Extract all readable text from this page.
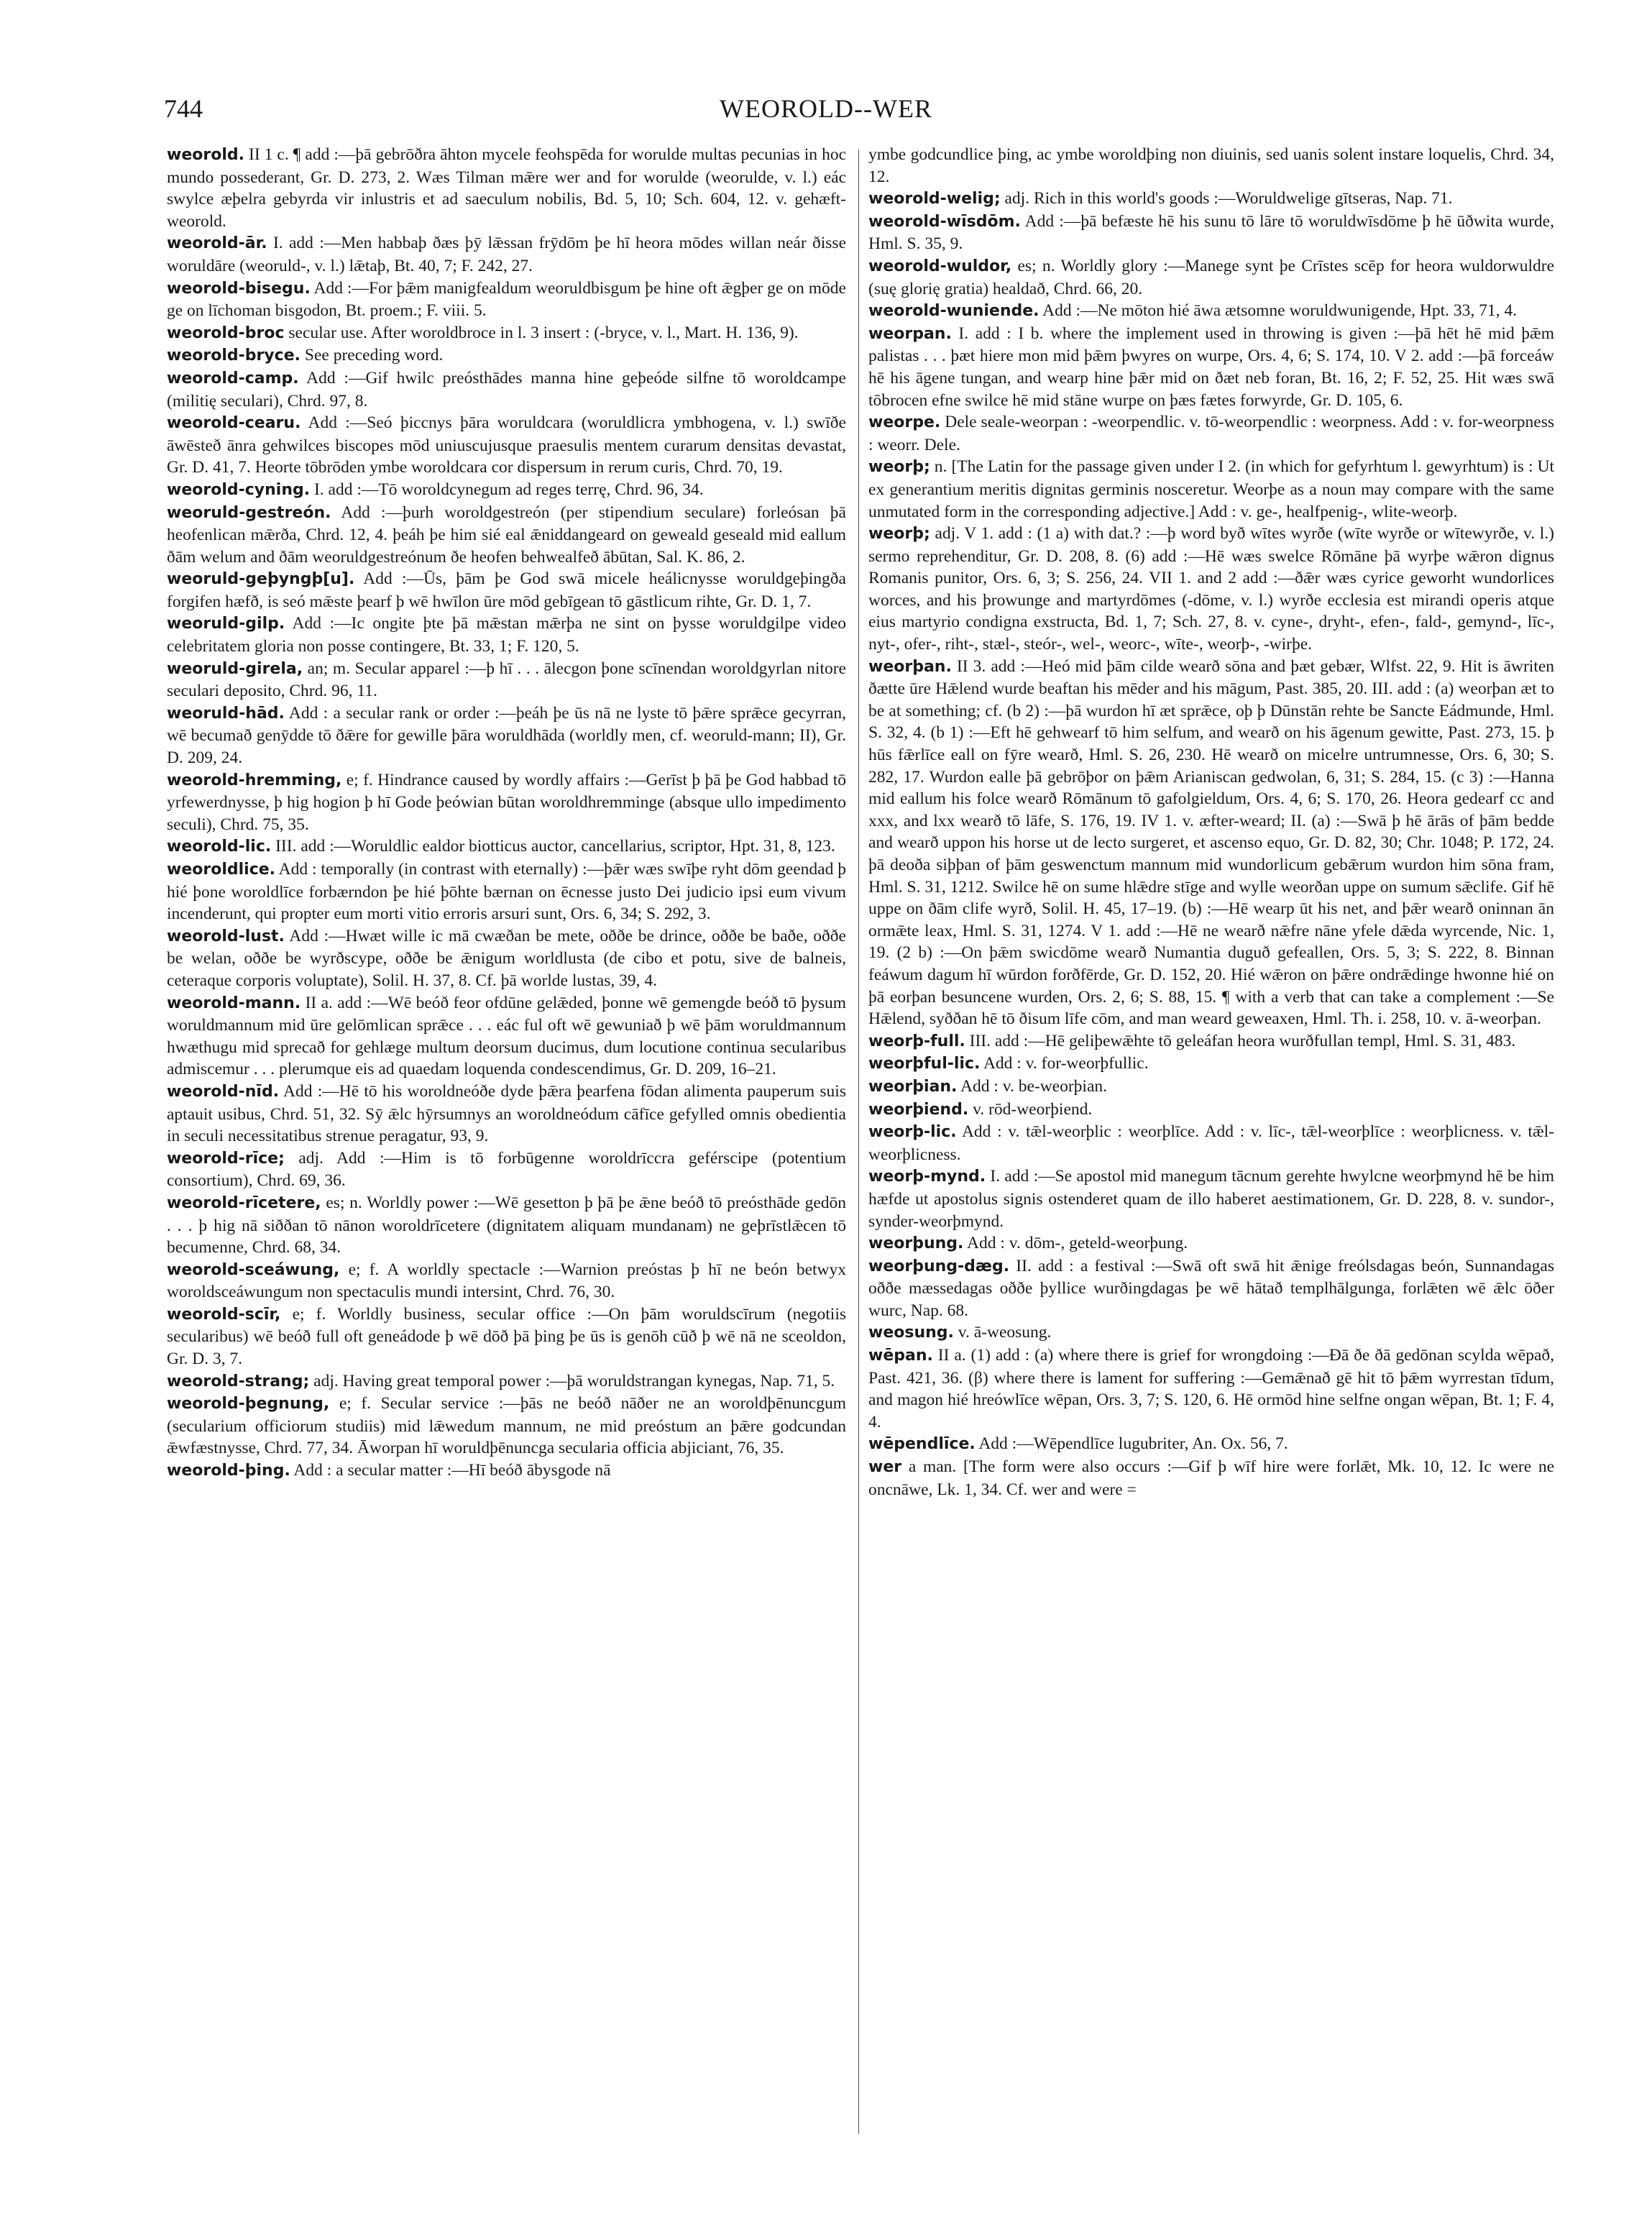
744	WEOROLD--WER

weorold. II 1 c. ¶ add :—þā gebrōðra āhton mycele feohspēda for worulde multas pecunias in hoc mundo possederant, Gr. D. 273, 2. Wæs Tilman mǣre wer and for worulde (weorulde, v. l.) eác swylce æþelra gebyrda vir inlustris et ad saeculum nobilis, Bd. 5, 10; Sch. 604, 12. v. gehæft-weorold.

weorold-ār. I. add :—Men habbaþ ðæs þȳ lǣssan frȳdōm þe hī heora mōdes willan neár ðisse woruldāre (weoruld-, v. l.) lǣtaþ, Bt. 40, 7; F. 242, 27.

weorold-bisegu. Add :—For þǣm manigfealdum weoruldbisgum þe hine oft ǣgþer ge on mōde ge on līchoman bisgodon, Bt. proem.; F. viii. 5.

weorold-broc secular use. After woroldbroce in l. 3 insert : (-bryce, v. l., Mart. H. 136, 9).

weorold-bryce. See preceding word.

weorold-camp. Add :—Gif hwilc preósthādes manna hine geþeóde silfne tō woroldcampe (militię seculari), Chrd. 97, 8.

weorold-cearu. Add :—Seó þiccnys þāra woruldcara (woruldlicra ymbhogena, v. l.) swīðe āwēsteð ānra gehwilces biscopes mōd uniuscujusque praesulis mentem curarum densitas devastat, Gr. D. 41, 7. Heorte tōbrōden ymbe woroldcara cor dispersum in rerum curis, Chrd. 70, 19.

weorold-cyning. I. add :—Tō woroldcynegum ad reges terrę, Chrd. 96, 34.

weoruld-gestreón. Add :—þurh woroldgestreón (per stipendium seculare) forleósan þā heofenlican mǣrða, Chrd. 12, 4. þeáh þe him sié eal ǣniddangeard on geweald geseald mid eallum ðām welum and ðām weoruldgestreónum ðe heofen behwealfeð ābūtan, Sal. K. 86, 2.

weoruld-geþyngþ[u]. Add :—Ūs, þām þe God swā micele heálicnysse woruldgeþingða forgifen hæfð, is seó mǣste þearf þ wē hwīlon ūre mōd gebīgean tō gāstlicum rihte, Gr. D. 1, 7.

weoruld-gilp. Add :—Ic ongite þte þā mǣstan mǣrþa ne sint on þysse woruldgilpe video celebritatem gloria non posse contingere, Bt. 33, 1; F. 120, 5.

weoruld-girela, an; m. Secular apparel :—þ hī . . . ālecgon þone scīnendan woroldgyrlan nitore seculari deposito, Chrd. 96, 11.

weoruld-hād. Add : a secular rank or order :—þeáh þe ūs nā ne lyste tō þǣre sprǣce gecyrran, wē becumað genȳdde tō ðǣre for gewille þāra woruldhāda (worldly men, cf. weoruld-mann; II), Gr. D. 209, 24.

weorold-hremming, e; f. Hindrance caused by wordly affairs :—Gerīst þ þā þe God habbad tō yrfewerdnysse, þ hig hogion þ hī Gode þeówian būtan woroldhremminge (absque ullo impedimento seculi), Chrd. 75, 35.

weorold-lic. III. add :—Woruldlic ealdor biotticus auctor, cancellarius, scriptor, Hpt. 31, 8, 123.

weoroldlice. Add : temporally (in contrast with eternally) :—þǣr wæs swīþe ryht dōm geendad þ hié þone woroldlīce forbærndon þe hié þōhte bærnan on ēcnesse justo Dei judicio ipsi eum vivum incenderunt, qui propter eum morti vitio erroris arsuri sunt, Ors. 6, 34; S. 292, 3.

weorold-lust. Add :—Hwæt wille ic mā cwæðan be mete, oððe be drince, oððe be baðe, oððe be welan, oððe be wyrðscype, oððe be ǣnigum worldlusta (de cibo et potu, sive de balneis, ceteraque corporis voluptate), Solil. H. 37, 8. Cf. þā worlde lustas, 39, 4.

weorold-mann. II a. add :—Wē beóð feor ofdūne gelǣded, þonne wē gemengde beóð tō þysum woruldmannum mid ūre gelōmlican sprǣce . . . eác ful oft wē gewuniað þ wē þām woruldmannum hwæthugu mid sprecað for gehlæge multum deorsum ducimus, dum locutione continua secularibus admiscemur . . . plerumque eis ad quaedam loquenda condescendimus, Gr. D. 209, 16–21.

weorold-nīd. Add :—Hē tō his woroldneóðe dyde þǣra þearfena fōdan alimenta pauperum suis aptauit usibus, Chrd. 51, 32. Sȳ ǣlc hȳrsumnys an woroldneódum cāfīce gefylled omnis obedientia in seculi necessitatibus strenue peragatur, 93, 9.

weorold-rīce; adj. Add :—Him is tō forbūgenne woroldrīccra geférscipe (potentium consortium), Chrd. 69, 36.

weorold-rīcetere, es; n. Worldly power :—Wē gesetton þ þā þe ǣne beóð tō preósthāde gedōn . . . þ hig nā siððan tō nānon woroldrīcetere (dignitatem aliquam mundanam) ne geþrīstlǣcen tō becumenne, Chrd. 68, 34.

weorold-sceáwung, e; f. A worldly spectacle :—Warnion preóstas þ hī ne beón betwyx woroldsceáwungum non spectaculis mundi intersint, Chrd. 76, 30.

weorold-scīr, e; f. Worldly business, secular office :—On þām woruldscīrum (negotiis secularibus) wē beóð full oft geneádode þ wē dōð þā þing þe ūs is genōh cūð þ wē nā ne sceoldon, Gr. D. 3, 7.

weorold-strang; adj. Having great temporal power :—þā woruldstrangan kynegas, Nap. 71, 5.

weorold-þegnung, e; f. Secular service :—þās ne beóð nāðer ne an woroldþēnuncgum (secularium officiorum studiis) mid lǣwedum mannum, ne mid preóstum an þǣre godcundan ǣwfæstnysse, Chrd. 77, 34. Āworpan hī woruldþēnuncga secularia officia abjiciant, 76, 35.

weorold-þing. Add : a secular matter :—Hī beóð ābysgode nā

ymbe godcundlice þing, ac ymbe woroldþing non diuinis, sed uanis solent instare loquelis, Chrd. 34, 12.

weorold-welig; adj. Rich in this world's goods :—Woruldwelige gītseras, Nap. 71.

weorold-wīsdōm. Add :—þā befæste hē his sunu tō lāre tō woruldwīsdōme þ hē ūðwita wurde, Hml. S. 35, 9.

weorold-wuldor, es; n. Worldly glory :—Manege synt þe Crīstes scēp for heora wuldorwuldre (suę glorię gratia) healdað, Chrd. 66, 20.

weorold-wuniende. Add :—Ne mōton hié āwa ætsomne woruldwunigende, Hpt. 33, 71, 4.

weorpan. I. add : I b. where the implement used in throwing is given :—þā hēt hē mid þǣm palistas . . . þæt hiere mon mid þǣm þwyres on wurpe, Ors. 4, 6; S. 174, 10. V 2. add :—þā forceáw hē his āgene tungan, and wearp hine þǣr mid on ðæt neb foran, Bt. 16, 2; F. 52, 25. Hit wæs swā tōbrocen efne swilce hē mid stāne wurpe on þæs fætes forwyrde, Gr. D. 105, 6.

weorpe. Dele seale-weorpan : -weorpendlic. v. tō-weorpendlic : weorpness. Add : v. for-weorpness : weorr. Dele.

weorþ; n. [The Latin for the passage given under I 2. (in which for gefyrhtum l. gewyrhtum) is : Ut ex generantium meritis dignitas germinis nosceretur. Weorþe as a noun may compare with the same unmutated form in the corresponding adjective.] Add : v. ge-, healfpenig-, wlite-weorþ.

weorþ; adj. V 1. add : (1 a) with dat.? :—þ word byð wītes wyrðe (wīte wyrðe or wītewyrðe, v. l.) sermo reprehenditur, Gr. D. 208, 8. (6) add :—Hē wæs swelce Rōmāne þā wyrþe wǣron dignus Romanis punitor, Ors. 6, 3; S. 256, 24. VII 1. and 2 add :—ðǣr wæs cyrice geworht wundorlices worces, and his þrowunge and martyrdōmes (-dōme, v. l.) wyrðe ecclesia est mirandi operis atque eius martyrio condigna exstructa, Bd. 1, 7; Sch. 27, 8. v. cyne-, dryht-, efen-, fald-, gemynd-, līc-, nyt-, ofer-, riht-, stæl-, steór-, wel-, weorc-, wīte-, weorþ-, -wirþe.

weorþan. II 3. add :—Heó mid þām cilde wearð sōna and þæt gebær, Wlfst. 22, 9. Hit is āwriten ðætte ūre Hǣlend wurde beaftan his mēder and his māgum, Past. 385, 20. III. add : (a) weorþan æt to be at something; cf. (b 2) :—þā wurdon hī æt sprǣce, oþ þ Dūnstān rehte be Sancte Eádmunde, Hml. S. 32, 4. (b 1) :—Eft hē gehwearf tō him selfum, and wearð on his āgenum gewitte, Past. 273, 15. þ hūs fǣrlīce eall on fȳre wearð, Hml. S. 26, 230. Hē wearð on micelre untrumnesse, Ors. 6, 30; S. 282, 17. Wurdon ealle þā gebrōþor on þǣm Arianiscan gedwolan, 6, 31; S. 284, 15. (c 3) :—Hanna mid eallum his folce wearð Rōmānum tō gafolgieldum, Ors. 4, 6; S. 170, 26. Heora gedearf cc and xxx, and lxx wearð tō lāfe, S. 176, 19. IV 1. v. æfter-weard; II. (a) :—Swā þ hē ārās of þām bedde and wearð uppon his horse ut de lecto surgeret, et ascenso equo, Gr. D. 82, 30; Chr. 1048; P. 172, 24. þā deoða siþþan of þām geswenctum mannum mid wundorlicum gebǣrum wurdon him sōna fram, Hml. S. 31, 1212. Swilce hē on sume hlǣdre stīge and wylle weorðan uppe on sumum sǣclife. Gif hē uppe on ðām clife wyrð, Solil. H. 45, 17–19. (b) :—Hē wearp ūt his net, and þǣr wearð oninnan ān ormǣte leax, Hml. S. 31, 1274. V 1. add :—Hē ne wearð nǣfre nāne yfele dǣda wyrcende, Nic. 1, 19. (2 b) :—On þǣm swicdōme wearð Numantia duguð gefeallen, Ors. 5, 3; S. 222, 8. Binnan feáwum dagum hī wūrdon forðfērde, Gr. D. 152, 20. Hié wǣron on þǣre ondrǣdinge hwonne hié on þā eorþan besuncene wurden, Ors. 2, 6; S. 88, 15. ¶ with a verb that can take a complement :—Se Hǣlend, syððan hē tō ðisum līfe cōm, and man weard geweaxen, Hml. Th. i. 258, 10. v. ā-weorþan.

weorþ-full. III. add :—Hē geliþewǣhte tō geleáfan heora wurðfullan templ, Hml. S. 31, 483.

weorþful-lic. Add : v. for-weorþfullic.

weorþian. Add : v. be-weorþian.

weorþiend. v. rōd-weorþiend.

weorþ-lic. Add : v. tǣl-weorþlic : weorþlīce. Add : v. līc-, tǣl-weorþlīce : weorþlicness. v. tǣl-weorþlicness.

weorþ-mynd. I. add :—Se apostol mid manegum tācnum gerehte hwylcne weorþmynd hē be him hæfde ut apostolus signis ostenderet quam de illo haberet aestimationem, Gr. D. 228, 8. v. sundor-, synder-weorþmynd.

weorþung. Add : v. dōm-, geteld-weorþung.

weorþung-dæg. II. add : a festival :—Swā oft swā hit ǣnige freólsdagas beón, Sunnandagas oððe mæssedagas oððe þyllice wurðingdagas þe wē hātað templhālgunga, forlǣten wē ǣlc ōðer wurc, Nap. 68.

weosung. v. ā-weosung.

wēpan. II a. (1) add : (a) where there is grief for wrongdoing :—Ðā ðe ðā gedōnan scylda wēpað, Past. 421, 36. (β) where there is lament for suffering :—Gemǣnað gē hit tō þǣm wyrrestan tīdum, and magon hié hreówlīce wēpan, Ors. 3, 7; S. 120, 6. Hē ormōd hine selfne ongan wēpan, Bt. 1; F. 4, 4.

wēpendlīce. Add :—Wēpendlīce lugubriter, An. Ox. 56, 7.

wer a man. [The form were also occurs :—Gif þ wīf hire were forlǣt, Mk. 10, 12. Ic were ne oncnāwe, Lk. 1, 34. Cf. wer and were =
